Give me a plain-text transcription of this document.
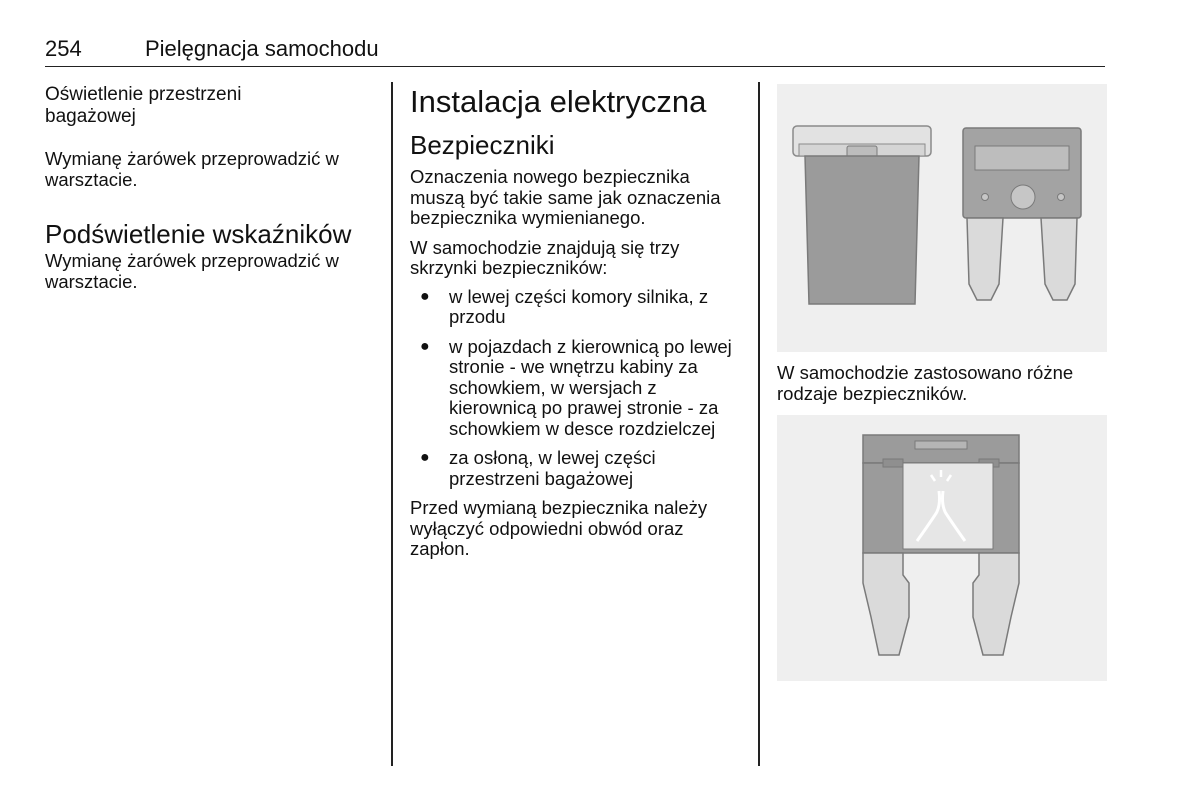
254	Pielęgnacja samochodu
Oświetlenie przestrzeni bagażowej

Wymianę żarówek przeprowadzić w warsztacie.

Podświetlenie wskaźników

Wymianę żarówek przeprowadzić w warsztacie.

Instalacja elektryczna
Bezpieczniki

Oznaczenia nowego bezpiecznika muszą być takie same jak oznaczenia bezpiecznika wymienianego.

W samochodzie znajdują się trzy skrzynki bezpieczników:

● w lewej części komory silnika, z przodu
● w pojazdach z kierownicą po lewej stronie - we wnętrzu kabiny za schowkiem, w wersjach z kierownicą po prawej stronie - za schowkiem w desce rozdzielczej
● za osłoną, w lewej części przestrzeni bagażowej

Przed wymianą bezpiecznika należy wyłączyć odpowiedni obwód oraz zapłon.

W samochodzie zastosowano różne rodzaje bezpieczników.
